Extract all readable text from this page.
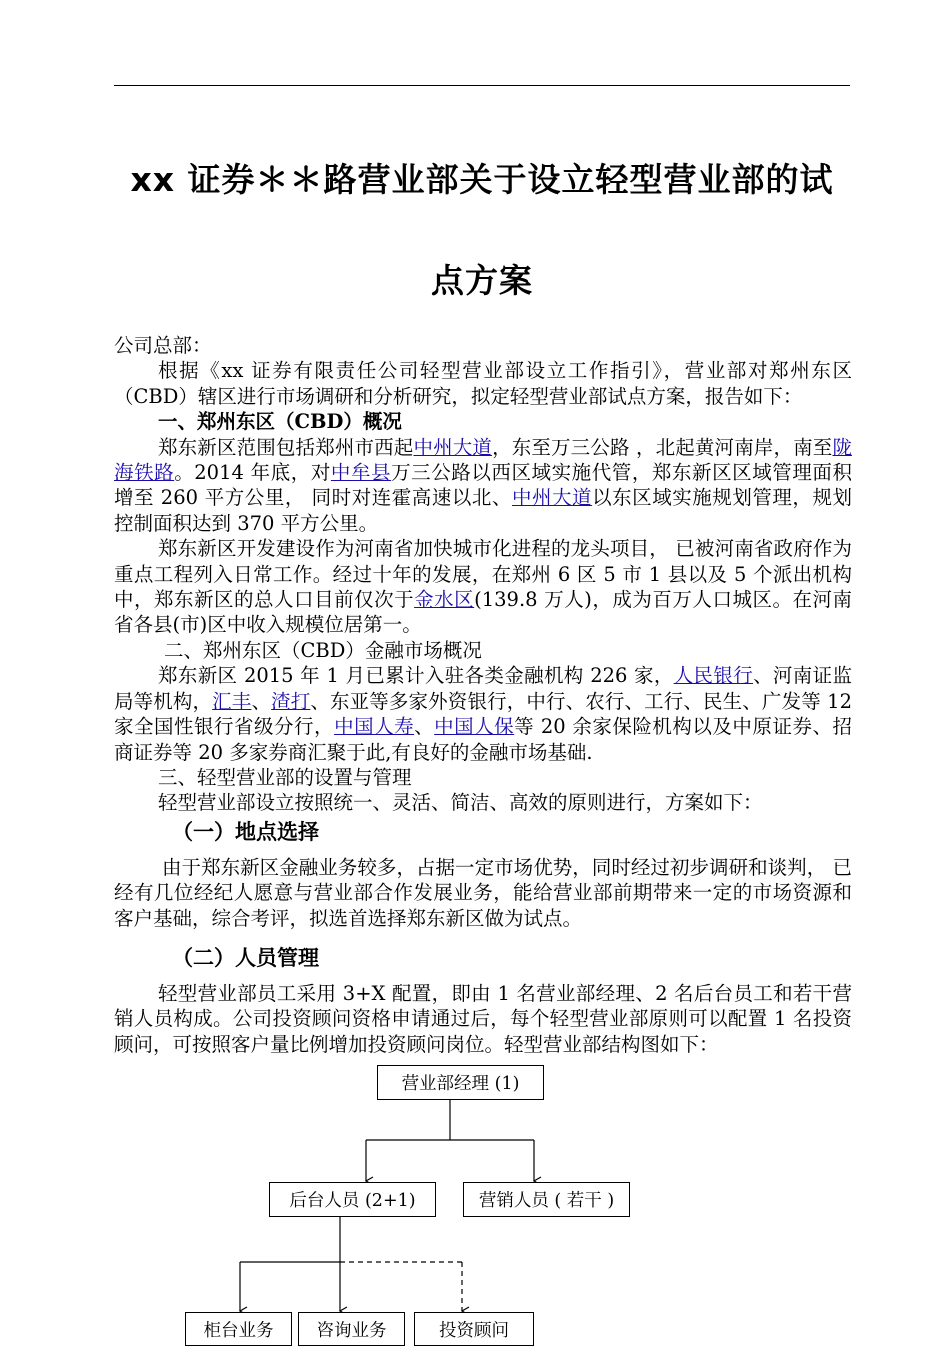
xx 证券＊＊路营业部关于设立轻型营业部的试
点方案

公司总部：

根据《xx 证券有限责任公司轻型营业部设立工作指引》，营业部对郑州东区（CBD）辖区进行市场调研和分析研究，拟定轻型营业部试点方案，报告如下：

一、郑州东区（CBD）概况

郑东新区范围包括郑州市西起中州大道，东至万三公路 ，北起黄河南岸，南至陇海铁路。2014 年底，对中牟县万三公路以西区域实施代管，郑东新区区域管理面积增至 260 平方公里， 同时对连霍高速以北、中州大道以东区域实施规划管理，规划控制面积达到 370 平方公里。

郑东新区开发建设作为河南省加快城市化进程的龙头项目， 已被河南省政府作为重点工程列入日常工作。经过十年的发展，在郑州 6 区 5 市 1 县以及 5 个派出机构中，郑东新区的总人口目前仅次于金水区(139.8 万人)，成为百万人口城区。在河南省各县(市)区中收入规模位居第一。

二、郑州东区（CBD）金融市场概况

郑东新区 2015 年 1 月已累计入驻各类金融机构 226 家，人民银行、河南证监局等机构，汇丰、渣打、东亚等多家外资银行，中行、农行、工行、民生、广发等 12 家全国性银行省级分行，中国人寿、中国人保等 20 余家保险机构以及中原证券、招商证券等 20 多家券商汇聚于此,有良好的金融市场基础.

三、轻型营业部的设置与管理

轻型营业部设立按照统一、灵活、简洁、高效的原则进行，方案如下：

（一）地点选择

由于郑东新区金融业务较多，占据一定市场优势，同时经过初步调研和谈判， 已经有几位经纪人愿意与营业部合作发展业务，能给营业部前期带来一定的市场资源和客户基础，综合考评，拟选首选择郑东新区做为试点。

（二）人员管理

轻型营业部员工采用 3+X 配置，即由 1 名营业部经理、2 名后台员工和若干营销人员构成。公司投资顾问资格申请通过后，每个轻型营业部原则可以配置 1 名投资顾问，可按照客户量比例增加投资顾问岗位。轻型营业部结构图如下：

营业部经理 (1)
后台人员 (2+1)	营销人员 ( 若干 )
柜台业务	咨询业务	投资顾问
